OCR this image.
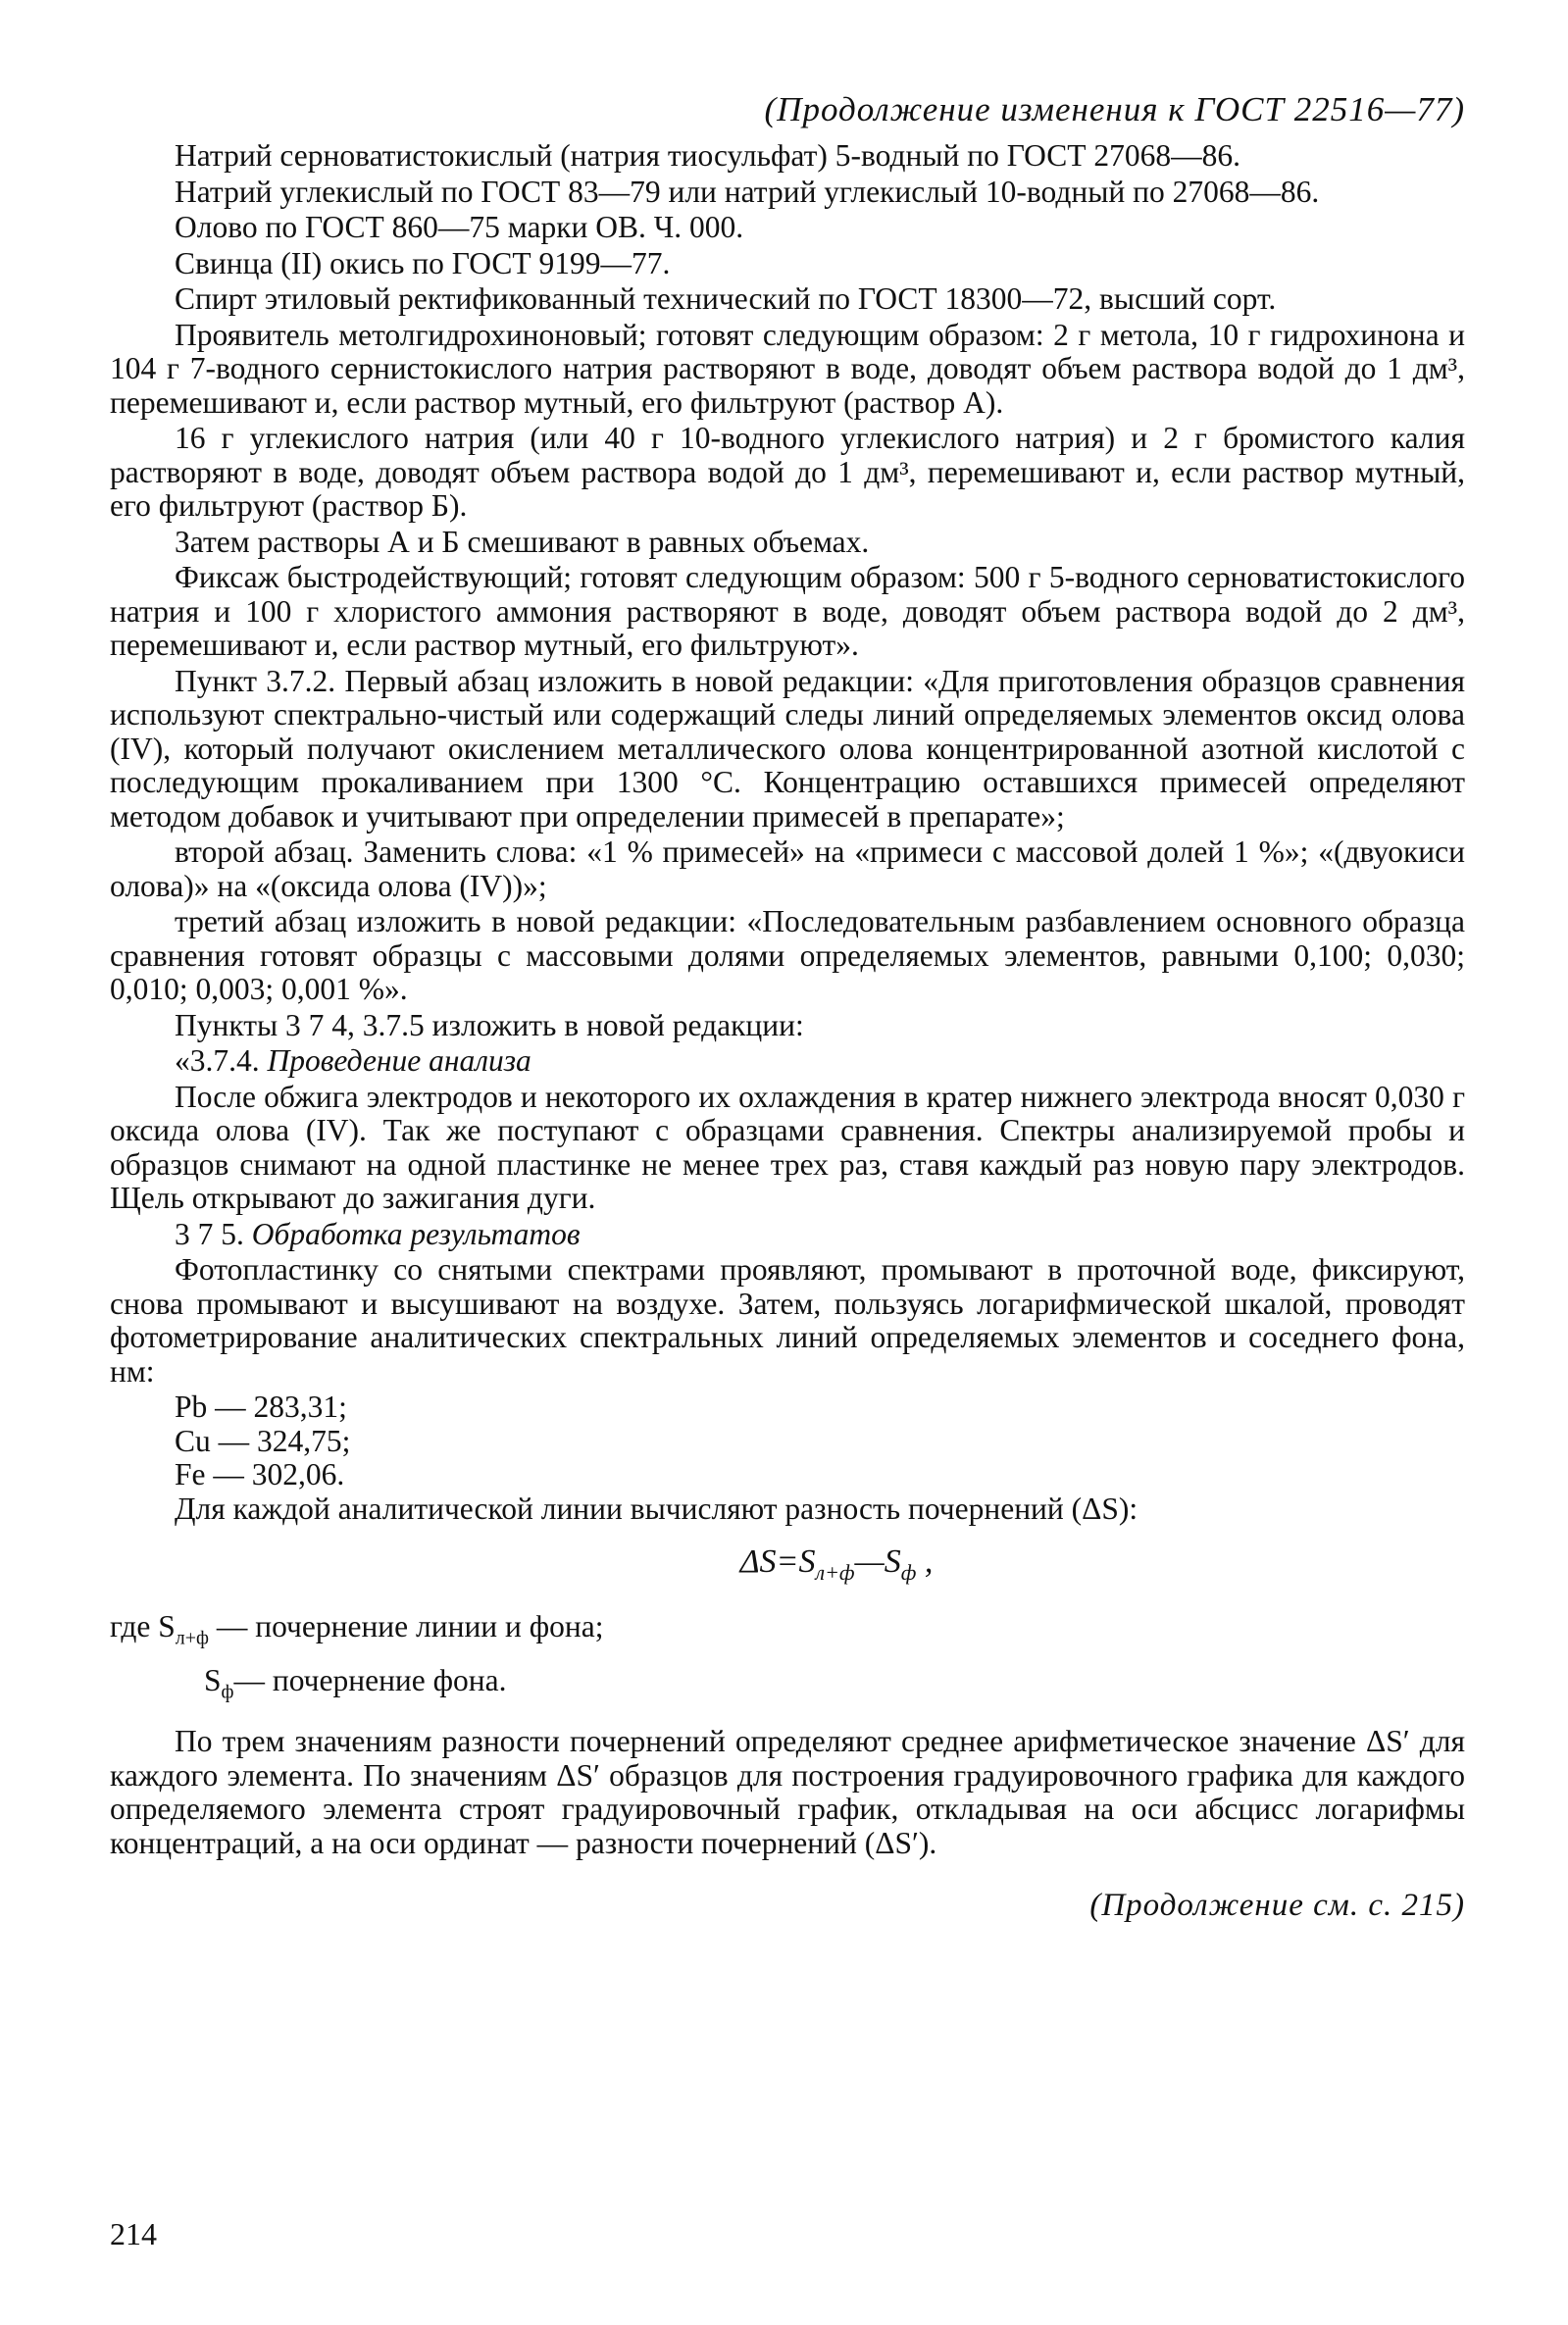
(Продолжение изменения к ГОСТ 22516—77)

Натрий серноватистокислый (натрия тиосульфат) 5-водный по ГОСТ 27068—86.

Натрий углекислый по ГОСТ 83—79 или натрий углекислый 10-водный по 27068—86.

Олово по ГОСТ 860—75 марки ОВ. Ч. 000.

Свинца (II) окись по ГОСТ 9199—77.

Спирт этиловый ректификованный технический по ГОСТ 18300—72, высший сорт.

Проявитель метолгидрохиноновый; готовят следующим образом: 2 г метола, 10 г гидрохинона и 104 г 7-водного сернистокислого натрия растворяют в воде, доводят объем раствора водой до 1 дм³, перемешивают и, если раствор мутный, его фильтруют (раствор А).

16 г углекислого натрия (или 40 г 10-водного углекислого натрия) и 2 г бромистого калия растворяют в воде, доводят объем раствора водой до 1 дм³, перемешивают и, если раствор мутный, его фильтруют (раствор Б).

Затем растворы А и Б смешивают в равных объемах.

Фиксаж быстродействующий; готовят следующим образом: 500 г 5-водного серноватистокислого натрия и 100 г хлористого аммония растворяют в воде, доводят объем раствора водой до 2 дм³, перемешивают и, если раствор мутный, его фильтруют».

Пункт 3.7.2. Первый абзац изложить в новой редакции: «Для приготовления образцов сравнения используют спектрально-чистый или содержащий следы линий определяемых элементов оксид олова (IV), который получают окислением металлического олова концентрированной азотной кислотой с последующим прокаливанием при 1300 °С. Концентрацию оставшихся примесей определяют методом добавок и учитывают при определении примесей в препарате»;

второй абзац. Заменить слова: «1 % примесей» на «примеси с массовой долей 1 %»; «(двуокиси олова)» на «(оксида олова (IV))»;

третий абзац изложить в новой редакции: «Последовательным разбавлением основного образца сравнения готовят образцы с массовыми долями определяемых элементов, равными 0,100; 0,030; 0,010; 0,003; 0,001 %».

Пункты 3 7 4, 3.7.5 изложить в новой редакции:

«3.7.4. Проведение анализа

После обжига электродов и некоторого их охлаждения в кратер нижнего электрода вносят 0,030 г оксида олова (IV). Так же поступают с образцами сравнения. Спектры анализируемой пробы и образцов снимают на одной пластинке не менее трех раз, ставя каждый раз новую пару электродов. Щель открывают до зажигания дуги.

3 7 5. Обработка результатов

Фотопластинку со снятыми спектрами проявляют, промывают в проточной воде, фиксируют, снова промывают и высушивают на воздухе. Затем, пользуясь логарифмической шкалой, проводят фотометрирование аналитических спектральных линий определяемых элементов и соседнего фона, нм:

Pb — 283,31;
Cu — 324,75;
Fe — 302,06.

Для каждой аналитической линии вычисляют разность почернений (ΔS):

$\Delta S=S_{л+ф}—S_ф$ ,
где $S_{л+ф}$ — почернение линии и фона;
$S_ф—$ почернение фона.

По трем значениям разности почернений определяют среднее арифметическое значение ΔS′ для каждого элемента. По значениям ΔS′ образцов для построения градуировочного графика для каждого определяемого элемента строят градуировочный график, откладывая на оси абсцисс логарифмы концентраций, а на оси ординат — разности почернений (ΔS′).

(Продолжение см. с. 215)
214
